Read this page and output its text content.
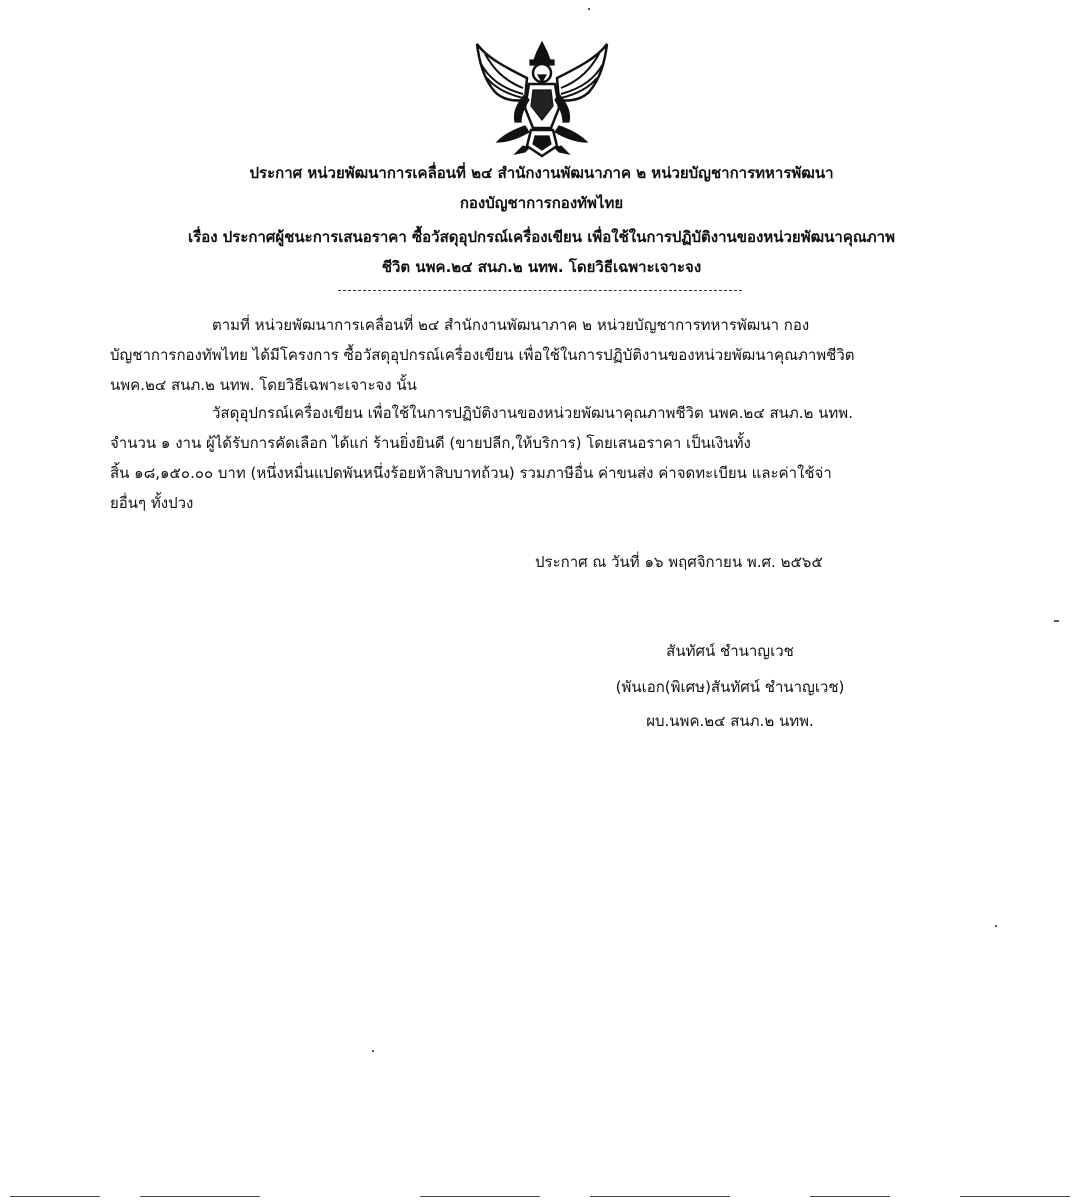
ประกาศ หน่วยพัฒนาการเคลื่อนที่ ๒๔ สำนักงานพัฒนาภาค ๒ หน่วยบัญชาการทหารพัฒนา
กองบัญชาการกองทัพไทย
เรื่อง ประกาศผู้ชนะการเสนอราคา ซื้อวัสดุอุปกรณ์เครื่องเขียน เพื่อใช้ในการปฏิบัติงานของหน่วยพัฒนาคุณภาพ
ชีวิต นพค.๒๔ สนภ.๒ นทพ. โดยวิธีเฉพาะเจาะจง
ตามที่ หน่วยพัฒนาการเคลื่อนที่ ๒๔ สำนักงานพัฒนาภาค ๒ หน่วยบัญชาการทหารพัฒนา กอง
บัญชาการกองทัพไทย ได้มีโครงการ ซื้อวัสดุอุปกรณ์เครื่องเขียน เพื่อใช้ในการปฏิบัติงานของหน่วยพัฒนาคุณภาพชีวิต
นพค.๒๔ สนภ.๒ นทพ. โดยวิธีเฉพาะเจาะจง นั้น
วัสดุอุปกรณ์เครื่องเขียน เพื่อใช้ในการปฏิบัติงานของหน่วยพัฒนาคุณภาพชีวิต นพค.๒๔ สนภ.๒ นทพ.
จำนวน ๑ งาน ผู้ได้รับการคัดเลือก ได้แก่ ร้านยิ่งยินดี (ขายปลีก,ให้บริการ) โดยเสนอราคา เป็นเงินทั้ง
สิ้น ๑๘,๑๕๐.๐๐ บาท (หนึ่งหมื่นแปดพันหนึ่งร้อยห้าสิบบาทถ้วน) รวมภาษีอื่น ค่าขนส่ง ค่าจดทะเบียน และค่าใช้จ่า
ยอื่นๆ ทั้งปวง
ประกาศ ณ วันที่ ๑๖ พฤศจิกายน พ.ศ. ๒๕๖๕
สันทัศน์ ชำนาญเวช
(พันเอก(พิเศษ)สันทัศน์ ชำนาญเวช)
ผบ.นพค.๒๔ สนภ.๒ นทพ.
